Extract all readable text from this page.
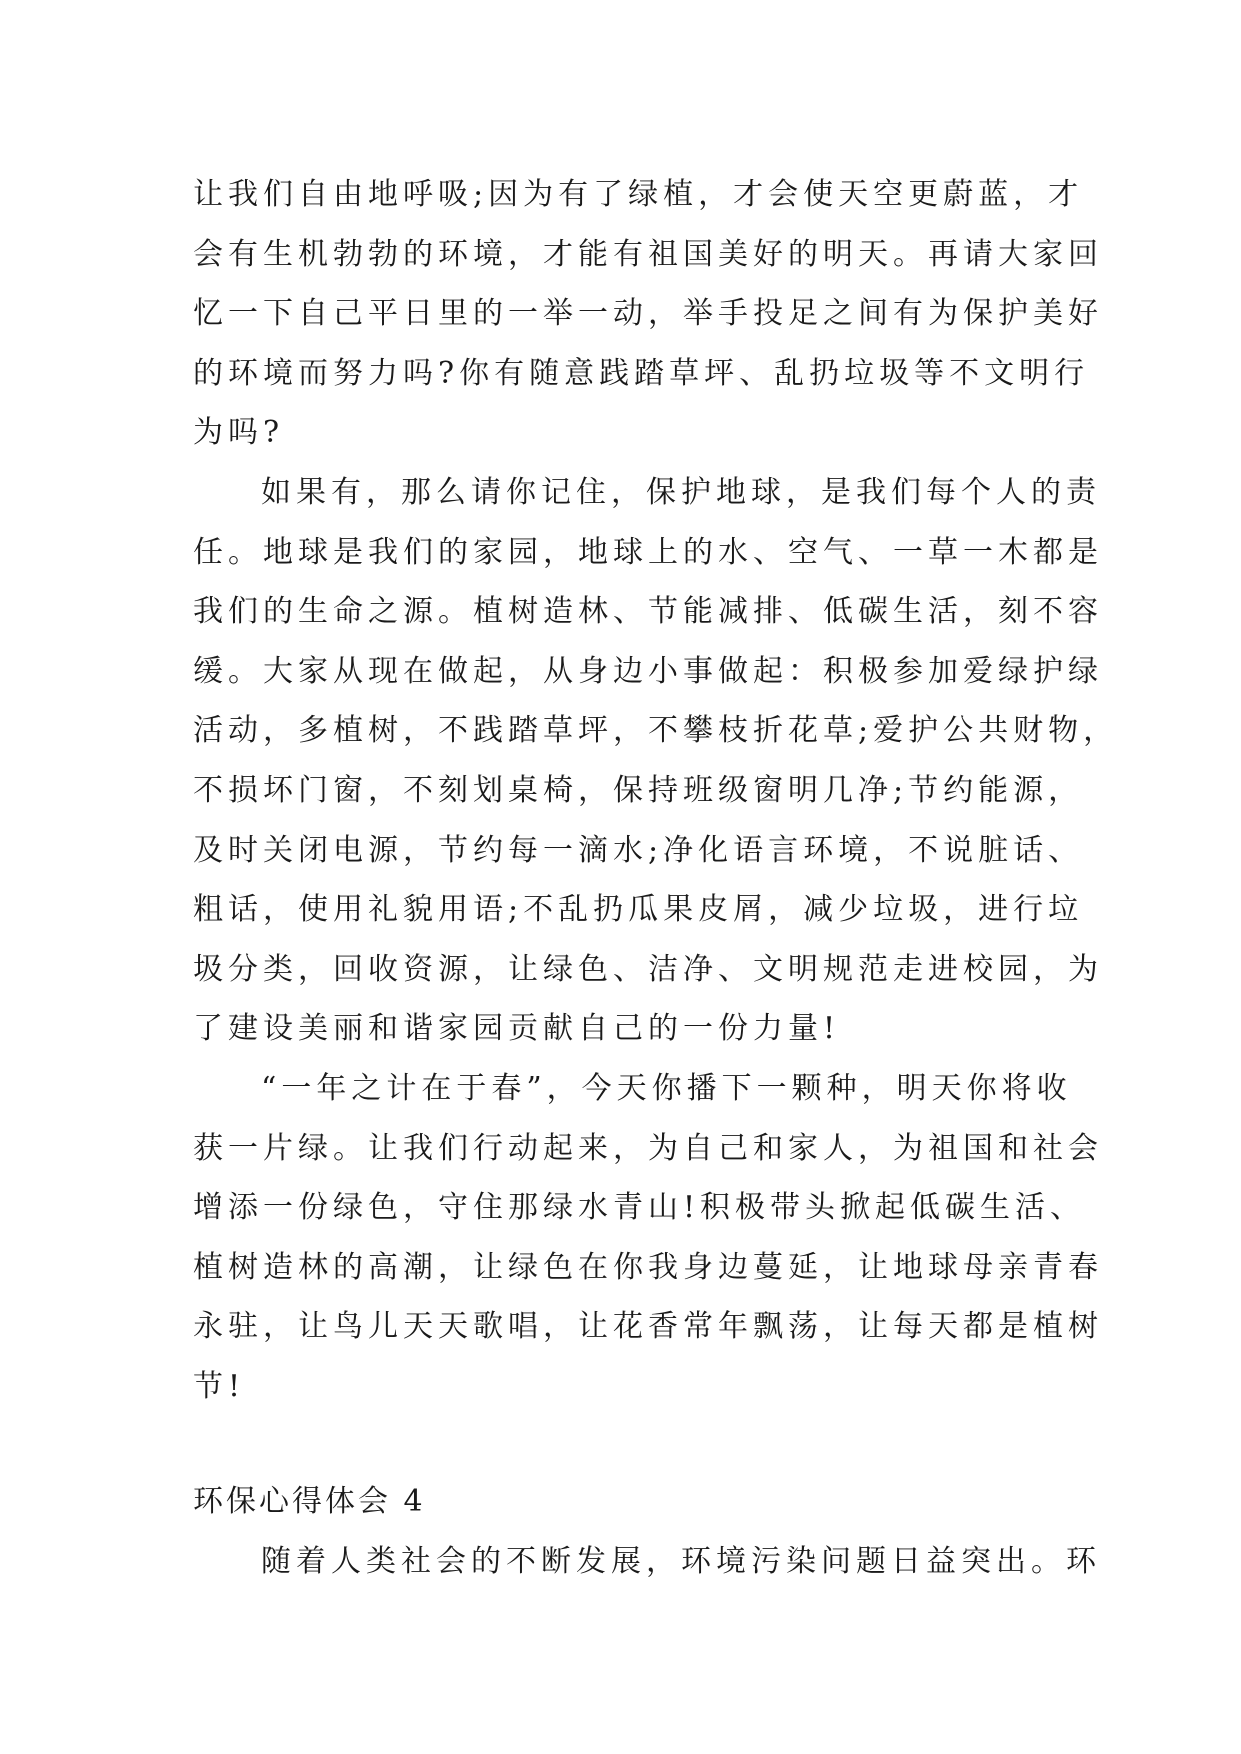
让我们自由地呼吸;因为有了绿植，才会使天空更蔚蓝，才
会有生机勃勃的环境，才能有祖国美好的明天。再请大家回
忆一下自己平日里的一举一动，举手投足之间有为保护美好
的环境而努力吗?你有随意践踏草坪、乱扔垃圾等不文明行
为吗?
如果有，那么请你记住，保护地球，是我们每个人的责
任。地球是我们的家园，地球上的水、空气、一草一木都是
我们的生命之源。植树造林、节能减排、低碳生活，刻不容
缓。大家从现在做起，从身边小事做起：积极参加爱绿护绿
活动，多植树，不践踏草坪，不攀枝折花草;爱护公共财物，
不损坏门窗，不刻划桌椅，保持班级窗明几净;节约能源，
及时关闭电源，节约每一滴水;净化语言环境，不说脏话、
粗话，使用礼貌用语;不乱扔瓜果皮屑，减少垃圾，进行垃
圾分类，回收资源，让绿色、洁净、文明规范走进校园，为
了建设美丽和谐家园贡献自己的一份力量!
“一年之计在于春”，今天你播下一颗种，明天你将收
获一片绿。让我们行动起来，为自己和家人，为祖国和社会
增添一份绿色，守住那绿水青山!积极带头掀起低碳生活、
植树造林的高潮，让绿色在你我身边蔓延，让地球母亲青春
永驻，让鸟儿天天歌唱，让花香常年飘荡，让每天都是植树
节!
环保心得体会 4
随着人类社会的不断发展，环境污染问题日益突出。环
